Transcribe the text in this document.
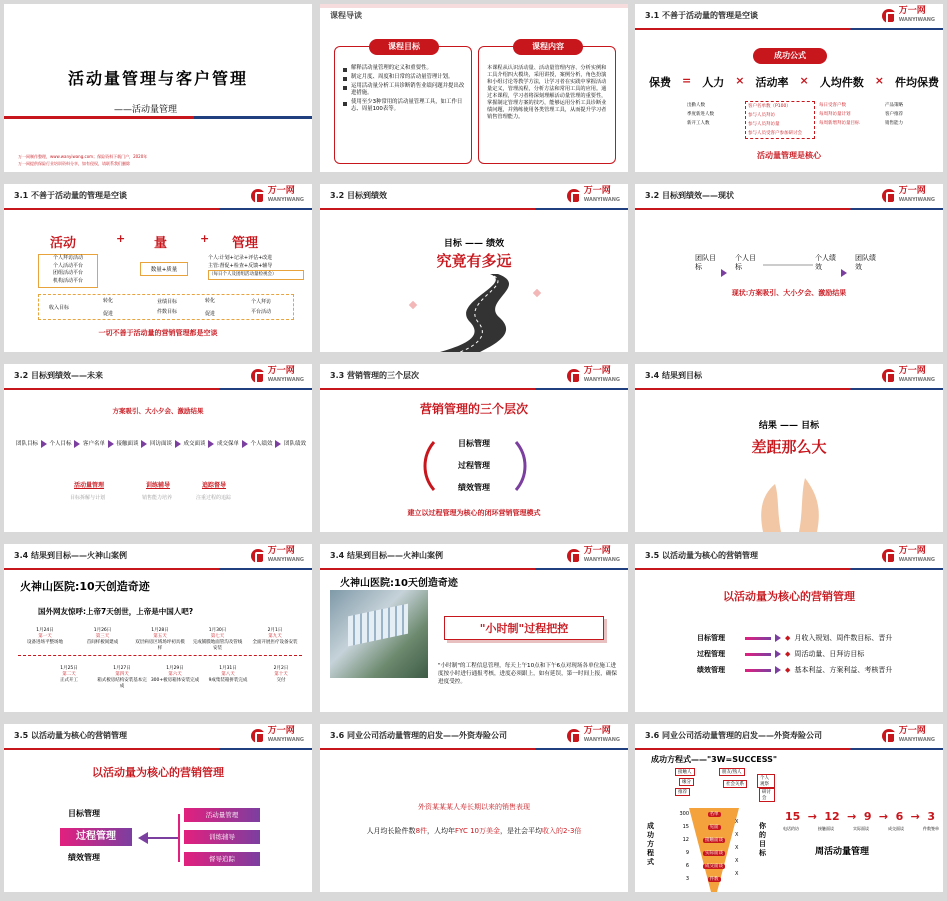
活动量管理与客户管理
——活动量管理
万一网制作整理，www.wanyiwang.com；保险资料下载门户，2020年
万一网提供保险行业培训资料分享，如有侵权，请联系我们删除
课程导读
课程目标
解释活动量管理的定义和重要性。
制定月度、周度和日常的活动量管理计划。
运用活动量分析工具诊断销售业绩问题并提出改进措施。
使用至少3种常用的活动量管理工具，如工作日志、周量100表等。
课程内容
本课程从认识活动量、活动量管理内容、分析实例和工具介绍四大模块，采用讲授，案例分析，角色扮演和小组讨论等教学方法，让学习者在实践中掌握活动量定义，管理流程，分析方法和常用工具的应用。通过本课程，学习者将深刻理解活动量管理的重要性，掌握制定管理方案的技巧，能够运用分析工具诊断业绩问题，并熟练使用各类管理工具，从而提升学习者销售管理能力。
3.1 不善于活动量的管理是空谈	万一网
WANYIWANG
成功公式
保费 = 人力 × 活动率 × 人均件数 × 件均保费
出勤人数
季度新进人数
新开工人数
客户名单数（P100）
参与人员拜访
参与人员拜访量
参与人员受客户参加研讨会
每日受客户数
每周拜访量计划
每周新增拜访量目标
产品策略
客户推荐
销售能力
活动量管理是核心
3.1 不善于活动量的管理是空谈	万一网
WANYIWANG
活动	+ 量	+ 管理
个人拜访活动
个人活动平台
团组活动平台
机构活动平台
数量+质量
个人:计划+记录+评估+改进
主管:督促+检查+反馈+辅导
（每日个人及团组活动量检视会）
收入目标
转化
促进
业绩目标
件数目标
转化
促进
个人拜访
平台活动
一切不善于活动量的营销管理都是空谈
3.2 目标到绩效	万一网
WANYIWANG
目标 —— 绩效
究竟有多远
3.2 目标到绩效——现状	万一网
WANYIWANG
团队目标
个人目标
个人绩效
团队绩效
现状:方案吸引、大小夕会、激励结果
3.2 目标到绩效——未来	万一网
WANYIWANG
方案吸引、大小夕会、激励结果
团队目标 个人目标 客户名单 接触面谈 回访面谈 成交面谈 成交保单 个人绩效 团队绩效
活动量管理	训练辅导	追踪督导
目标拆解与计划	销售能力培养	注重过程的追踪
3.3 营销管理的三个层次	万一网
WANYIWANG
营销管理的三个层次
目标管理
过程管理
绩效管理
建立以过程管理为核心的闭环营销管理模式
3.4 结果到目标	万一网
WANYIWANG
结果 —— 目标
差距那么大
3.4 结果到目标——火神山案例	万一网
WANYIWANG
火神山医院:10天创造奇迹
国外网友惊呼:上帝7天创世，上帝是中国人吧?
1月24日
第一天
设备进场平整场地
1月26日
第三天
首间样板间建成
1月28日
第五天
双层病房区域场坪初具模样
1月30日
第七天
完成铺膜地面管沟及管线安装
2月1日
第九天
全面开展医疗设备安装
1月25日
第二天
正式开工
1月27日
第四天
箱式板房结构安装基本完成
1月29日
第六天
300+板房箱体安装完成
1月31日
第八天
9成集装箱拼装完成
2月2日
第十天
交付
3.4 结果到目标——火神山案例	万一网
WANYIWANG
火神山医院:10天创造奇迹
"小时制"过程把控
"小时制"的工程信息管理，每天上午10点和下午6点对现场各单位施工进度按小时进行通报考核，进度必须跟上，如有延误，第一时间上报，确保进度受控。
3.5 以活动量为核心的营销管理	万一网
WANYIWANG
以活动量为核心的营销管理
目标管理	◆ 月收入规划、周件数目标、晋升
过程管理	◆ 周活动量、日拜访目标
绩效管理	◆ 基本利益、方案利益、考核晋升
3.5 以活动量为核心的营销管理	万一网
WANYIWANG
以活动量为核心的营销管理
目标管理
过程管理
绩效管理
活动量管理
训练辅导
督导追踪
3.6 同业公司活动量管理的启发——外资寿险公司	万一网
WANYIWANG
外资某某某人寿长期以来的销售表现
人月均长险件数8件，人均年FYC 10万美金，是社会平均收入的2-3倍
3.6 同业公司活动量管理的启发——外资寿险公司	万一网
WANYIWANG
成功方程式——"3W=SUCCESS"
接触人
缘分
推荐
朋友/熟人
社会关系
个人观察
研讨会
名单
见面
接触面谈
实际面谈
成交面谈
件数
300
15
12
9
6
3
成功方程式
X
X
X
X
X
你的目标
15 → 12 → 9 → 6 → 3
电话约访	接触面谈	实际面谈	成交面谈	件数签单
周活动量管理
